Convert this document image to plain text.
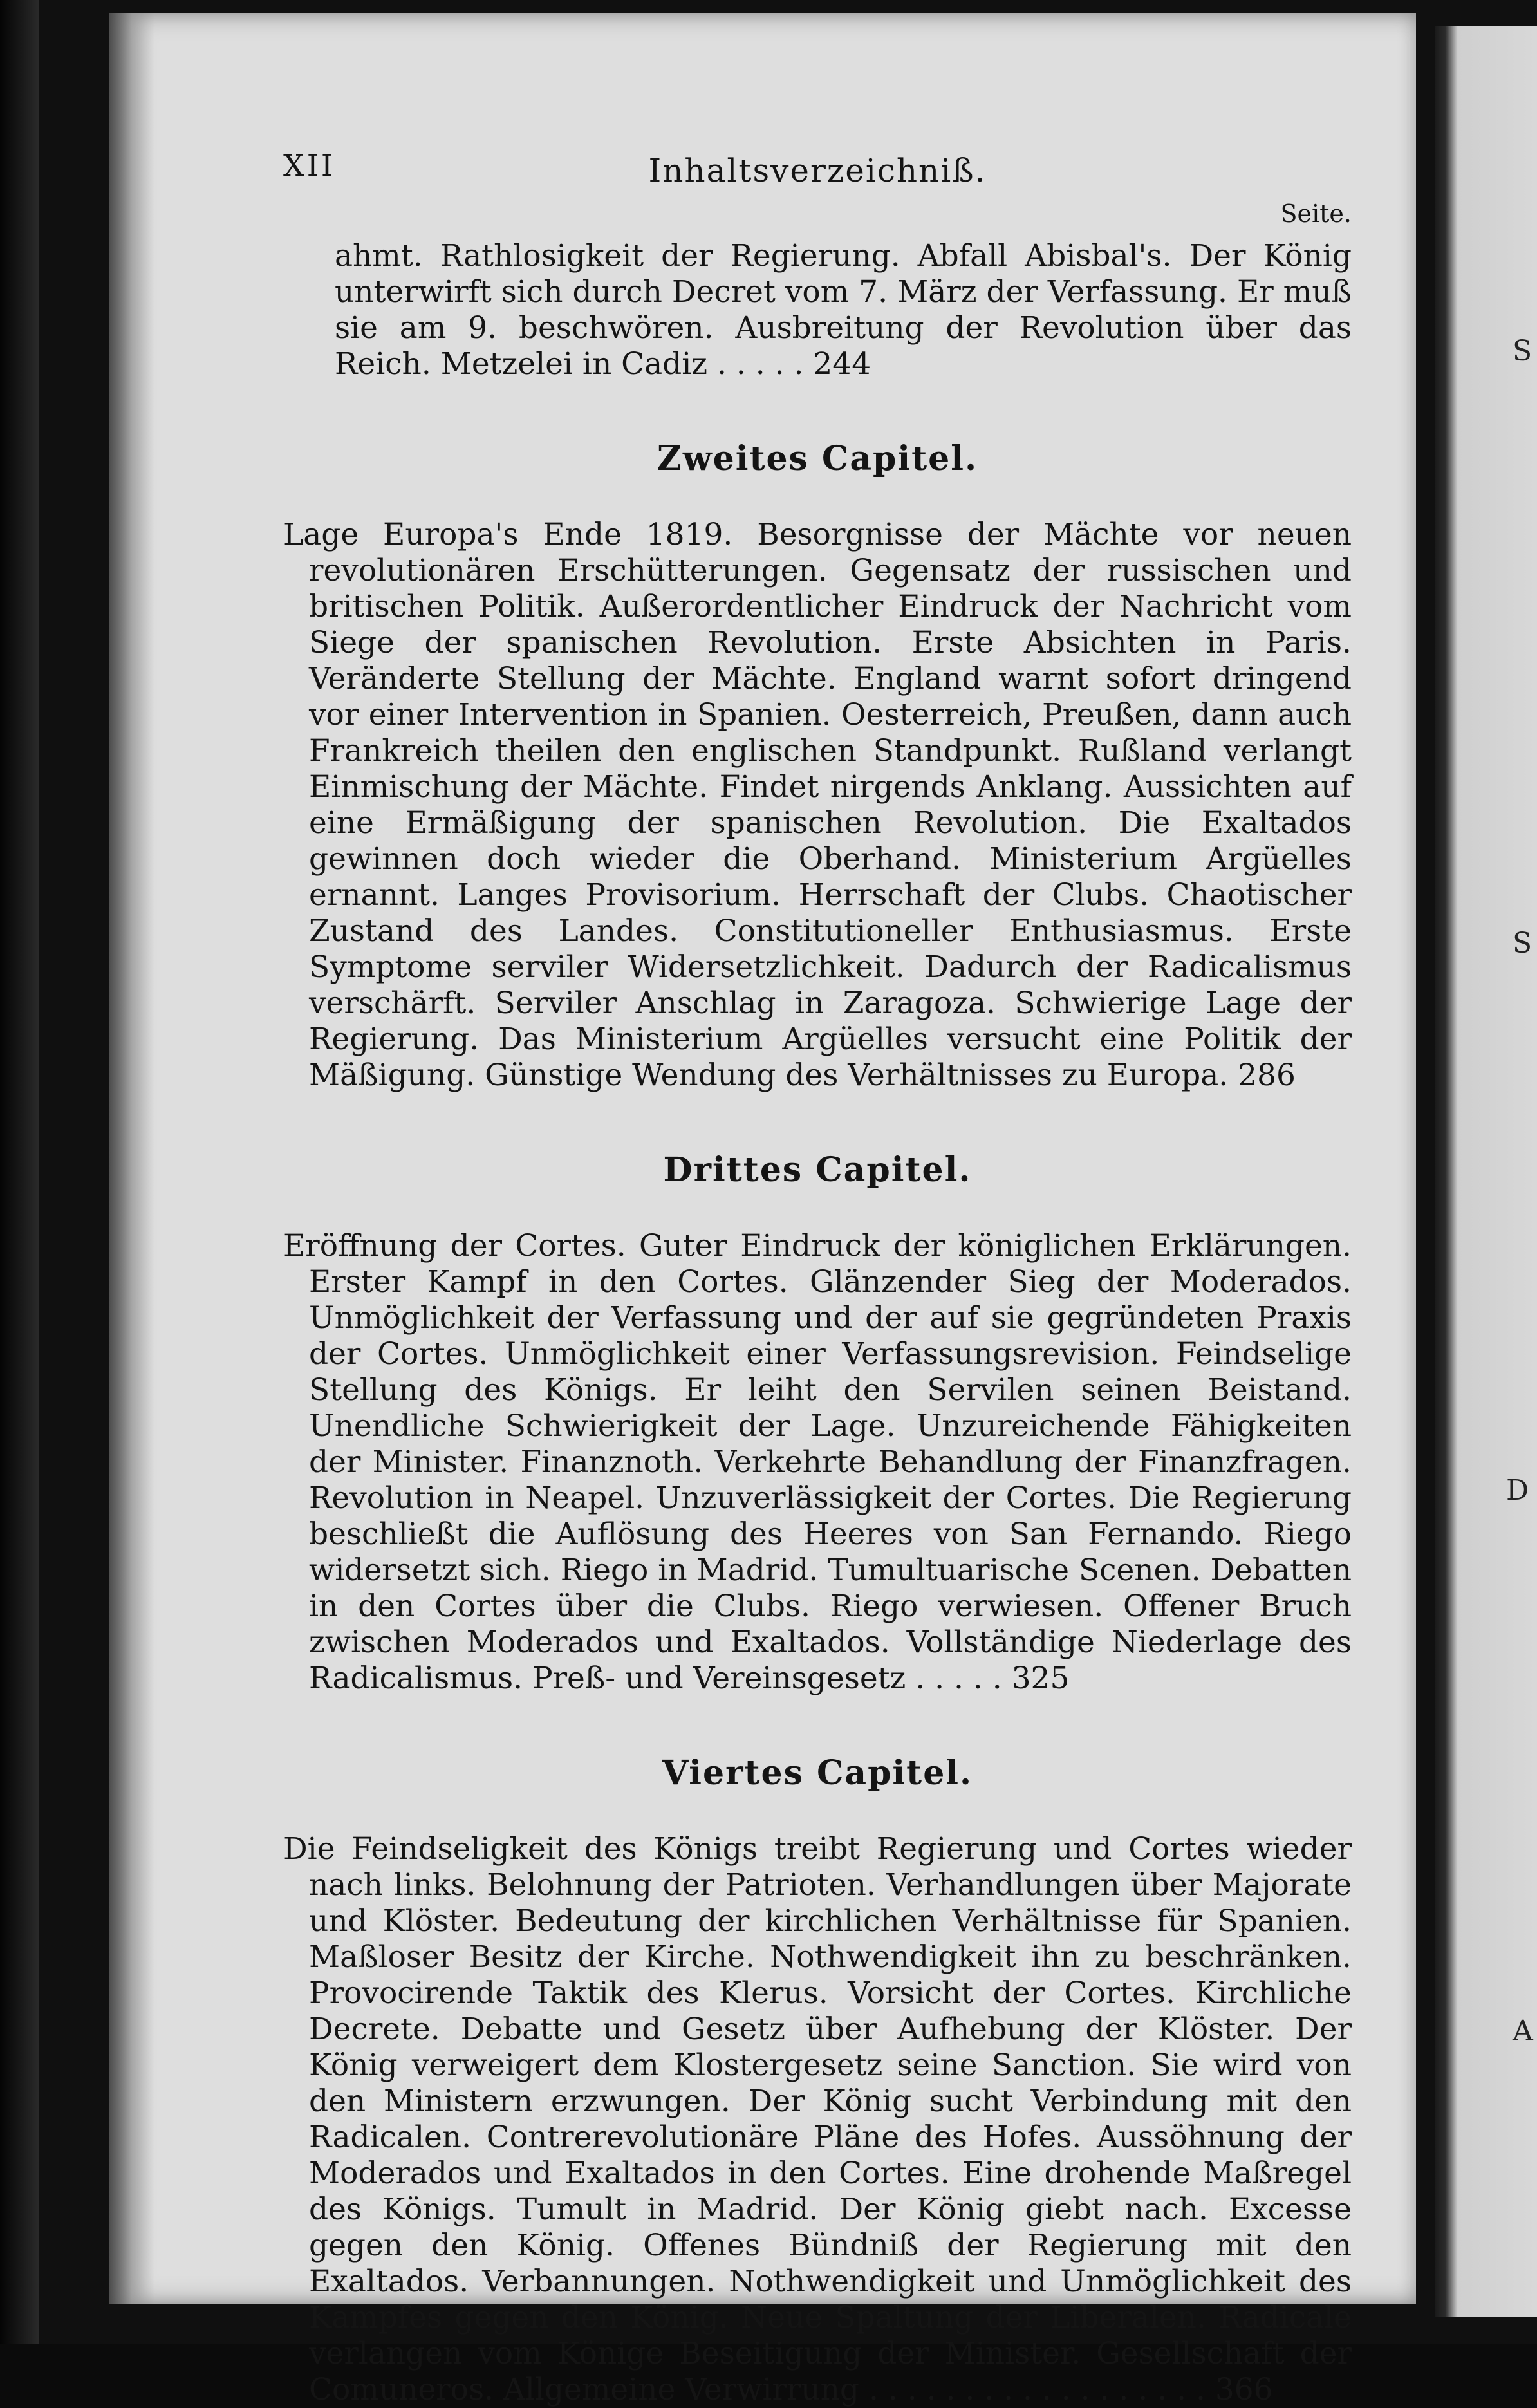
S
S
D
A
XII	Inhaltsverzeichniß.
ahmt. Rathlosigkeit der Regierung. Abfall Abisbal's. Der König unterwirft sich durch Decret vom 7. März der Verfassung. Er muß sie am 9. beschwören. Ausbreitung der Revolution über das Reich. Metzelei in Cadiz . . . . . 244
Seite.
Zweites Capitel.
Lage Europa's Ende 1819. Besorgnisse der Mächte vor neuen revolutionären Erschütterungen. Gegensatz der russischen und britischen Politik. Außerordentlicher Eindruck der Nachricht vom Siege der spanischen Revolution. Erste Absichten in Paris. Veränderte Stellung der Mächte. England warnt sofort dringend vor einer Intervention in Spanien. Oesterreich, Preußen, dann auch Frankreich theilen den englischen Standpunkt. Rußland verlangt Einmischung der Mächte. Findet nirgends Anklang. Aussichten auf eine Ermäßigung der spanischen Revolution. Die Exaltados gewinnen doch wieder die Oberhand. Ministerium Argüelles ernannt. Langes Provisorium. Herrschaft der Clubs. Chaotischer Zustand des Landes. Constitutioneller Enthusiasmus. Erste Symptome serviler Widersetzlichkeit. Dadurch der Radicalismus verschärft. Serviler Anschlag in Zaragoza. Schwierige Lage der Regierung. Das Ministerium Argüelles versucht eine Politik der Mäßigung. Günstige Wendung des Verhältnisses zu Europa. 286
Drittes Capitel.
Eröffnung der Cortes. Guter Eindruck der königlichen Erklärungen. Erster Kampf in den Cortes. Glänzender Sieg der Moderados. Unmöglichkeit der Verfassung und der auf sie gegründeten Praxis der Cortes. Unmöglichkeit einer Verfassungsrevision. Feindselige Stellung des Königs. Er leiht den Servilen seinen Beistand. Unendliche Schwierigkeit der Lage. Unzureichende Fähigkeiten der Minister. Finanznoth. Verkehrte Behandlung der Finanzfragen. Revolution in Neapel. Unzuverlässigkeit der Cortes. Die Regierung beschließt die Auflösung des Heeres von San Fernando. Riego widersetzt sich. Riego in Madrid. Tumultuarische Scenen. Debatten in den Cortes über die Clubs. Riego verwiesen. Offener Bruch zwischen Moderados und Exaltados. Vollständige Niederlage des Radicalismus. Preß- und Vereinsgesetz . . . . . 325
Viertes Capitel.
Die Feindseligkeit des Königs treibt Regierung und Cortes wieder nach links. Belohnung der Patrioten. Verhandlungen über Majorate und Klöster. Bedeutung der kirchlichen Verhältnisse für Spanien. Maßloser Besitz der Kirche. Nothwendigkeit ihn zu beschränken. Provocirende Taktik des Klerus. Vorsicht der Cortes. Kirchliche Decrete. Debatte und Gesetz über Aufhebung der Klöster. Der König verweigert dem Klostergesetz seine Sanction. Sie wird von den Ministern erzwungen. Der König sucht Verbindung mit den Radicalen. Contrerevolutionäre Pläne des Hofes. Aussöhnung der Moderados und Exaltados in den Cortes. Eine drohende Maßregel des Königs. Tumult in Madrid. Der König giebt nach. Excesse gegen den König. Offenes Bündniß der Regierung mit den Exaltados. Verbannungen. Nothwendigkeit und Unmöglichkeit des Kampfes gegen den König. Neue Spaltung der Liberalen. Radicale verlangen vom Könige Beseitigung der Minister. Gesellschaft der Comuneros. Allgemeine Verwirrung . . . . . . . . . . . . . . . . . . 366
